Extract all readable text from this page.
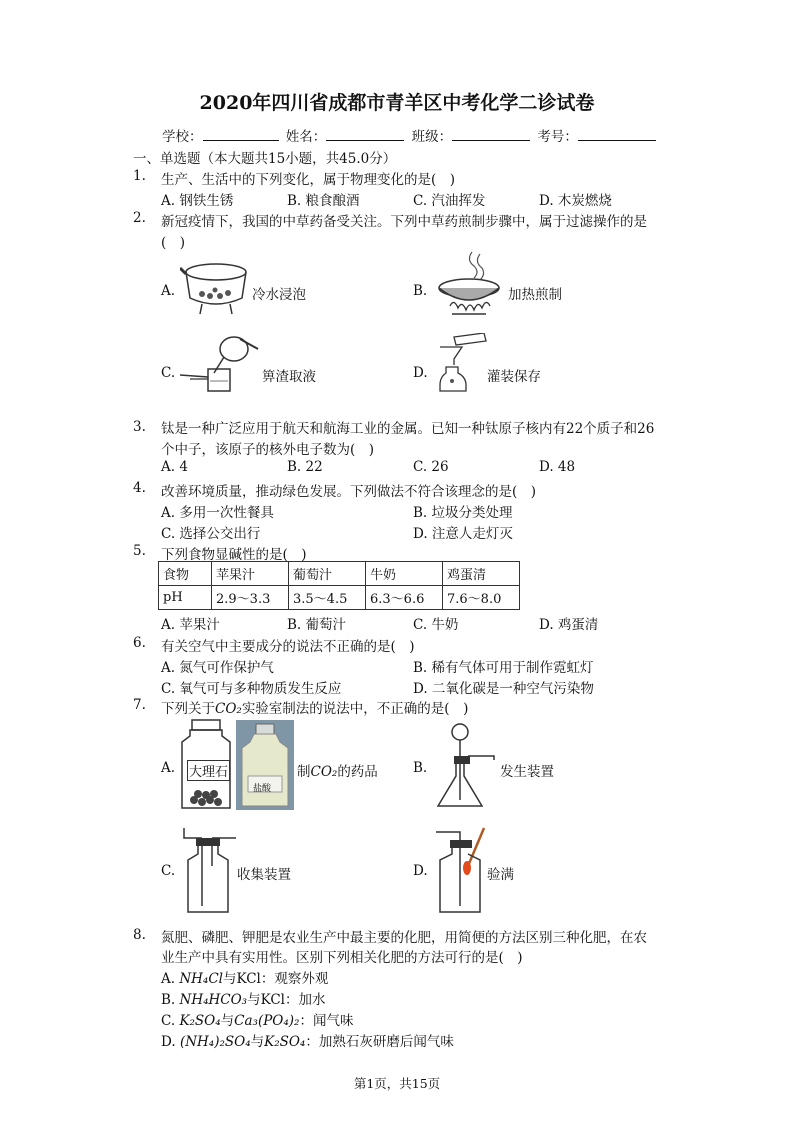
2020年四川省成都市青羊区中考化学二诊试卷
学校：	姓名：	班级：	考号：
一、单选题（本大题共15小题，共45.0分）
1. 生产、生活中的下列变化，属于物理变化的是(　)
A. 钢铁生锈	B. 粮食酿酒	C. 汽油挥发	D. 木炭燃烧
2. 新冠疫情下，我国的中草药备受关注。下列中草药煎制步骤中，属于过滤操作的是
(　)
A.	冷水浸泡	B.	加热煎制
C.	箅渣取液	D.	灌装保存
3. 钛是一种广泛应用于航天和航海工业的金属。已知一种钛原子核内有22个质子和26
个中子，该原子的核外电子数为(　)
A. 4	B. 22	C. 26	D. 48
4. 改善环境质量，推动绿色发展。下列做法不符合该理念的是(　)
A. 多用一次性餐具	B. 垃圾分类处理
C. 选择公交出行	D. 注意人走灯灭
5. 下列食物显碱性的是(　)
食物	苹果汁	葡萄汁	牛奶	鸡蛋清
pH	2.9～3.3	3.5～4.5	6.3～6.6	7.6～8.0
A. 苹果汁	B. 葡萄汁	C. 牛奶	D. 鸡蛋清
6. 有关空气中主要成分的说法不正确的是(　)
A. 氮气可作保护气	B. 稀有气体可用于制作霓虹灯
C. 氧气可与多种物质发生反应	D. 二氧化碳是一种空气污染物
7. 下列关于CO₂实验室制法的说法中，不正确的是(　)
A. 大理石
盐酸
制CO₂的药品	B.	发生装置
C.	收集装置	D.	验满
8. 氮肥、磷肥、钾肥是农业生产中最主要的化肥，用简便的方法区别三种化肥，在农
业生产中具有实用性。区别下列相关化肥的方法可行的是(　)
A. NH₄Cl与KCl：观察外观
B. NH₄HCO₃与KCl：加水
C. K₂SO₄与Ca₃(PO₄)₂：闻气味
D. (NH₄)₂SO₄与K₂SO₄：加熟石灰研磨后闻气味
第1页，共15页
